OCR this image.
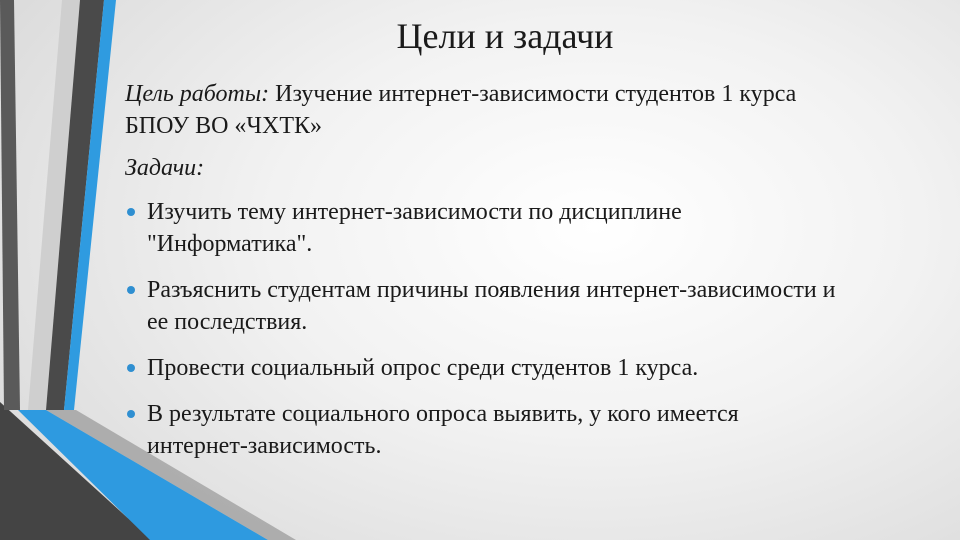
Цели и задачи

Цель работы: Изучение интернет-зависимости студентов 1 курса БПОУ ВО «ЧХТК»

Задачи:
Изучить тему интернет-зависимости по дисциплине "Информатика".
Разъяснить студентам причины появления интернет-зависимости и ее последствия.
Провести социальный опрос среди студентов 1 курса.
В результате социального опроса выявить, у кого имеется интернет-зависимость.
